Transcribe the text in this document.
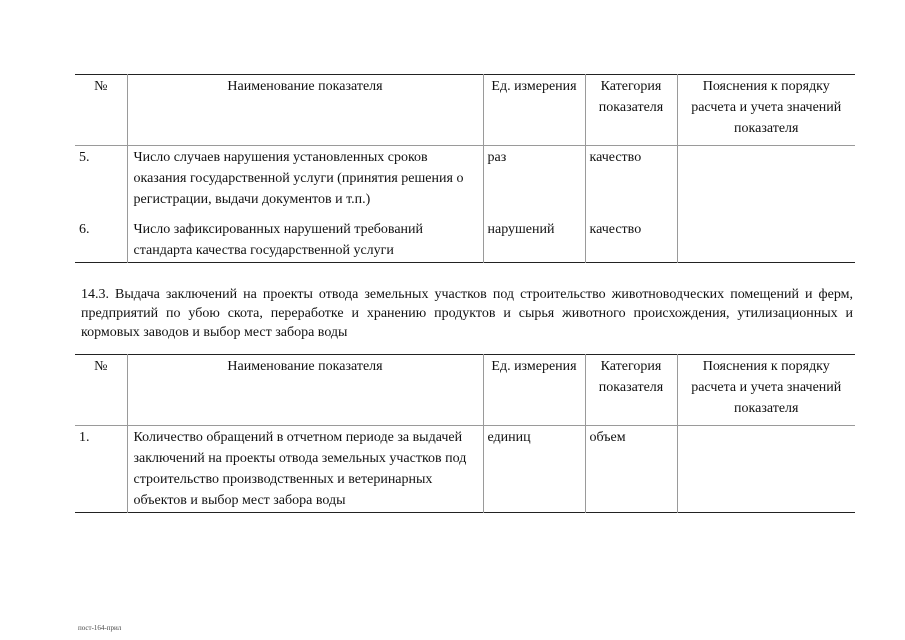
№	Наименование показателя	Ед. измерения	Категория показателя	Пояснения к порядку расчета и учета значений показателя
5.	Число случаев нарушения установленных сроков оказания государственной услуги (принятия решения о регистрации, выдачи документов и т.п.)	раз	качество	
6.	Число зафиксированных нарушений требований стандарта качества государственной услуги	нарушений	качество	

14.3. Выдача заключений на проекты отвода земельных участков под строительство животноводческих помещений и ферм, предприятий по убою скота, переработке и хранению продуктов и сырья животного происхождения, утилизационных и кормовых заводов и выбор мест забора воды

№	Наименование показателя	Ед. измерения	Категория показателя	Пояснения к порядку расчета и учета значений показателя
1.	Количество обращений в отчетном периоде за выдачей заключений на проекты отвода земельных участков под строительство производственных и ветеринарных объектов и выбор мест забора воды	единиц	объем	

пост-164-прил
